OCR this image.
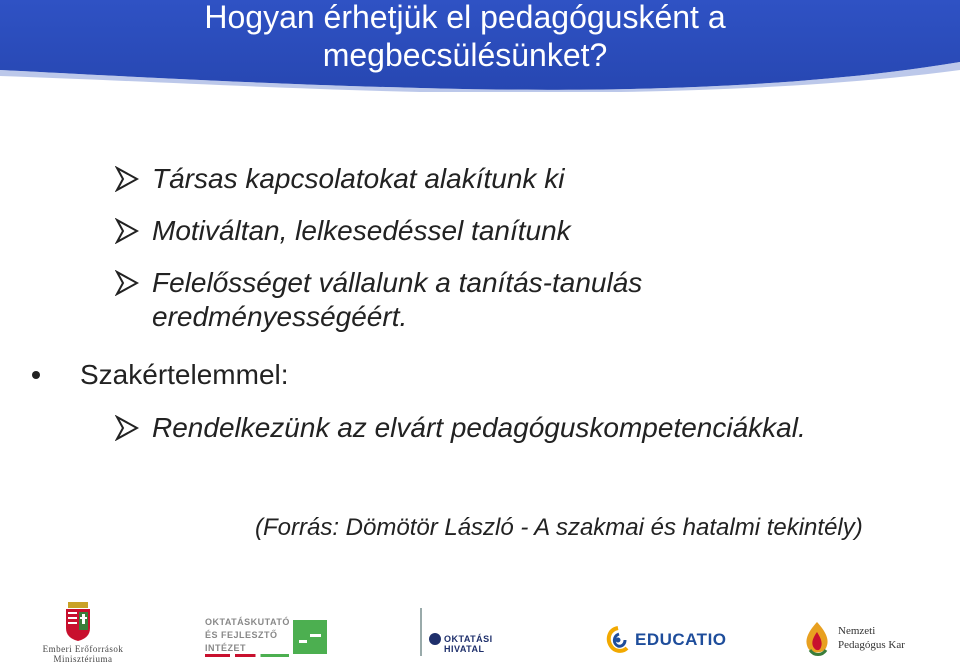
Hogyan érhetjük el pedagógusként a
megbecsülésünket?
Társas kapcsolatokat alakítunk ki
Motiváltan, lelkesedéssel tanítunk
Felelősséget vállalunk a tanítás-tanulás
eredményességéért.
Szakértelemmel:
Rendelkezünk az elvárt pedagóguskompetenciákkal.
(Forrás: Dömötör László - A szakmai és hatalmi tekintély)
Emberi Erőforrások
Minisztériuma
OKTATÁSKUTATÓ
ÉS FEJLESZTŐ
INTÉZET
OKTATÁSI HIVATAL	EDUCATIO	Nemzeti
Pedagógus Kar
